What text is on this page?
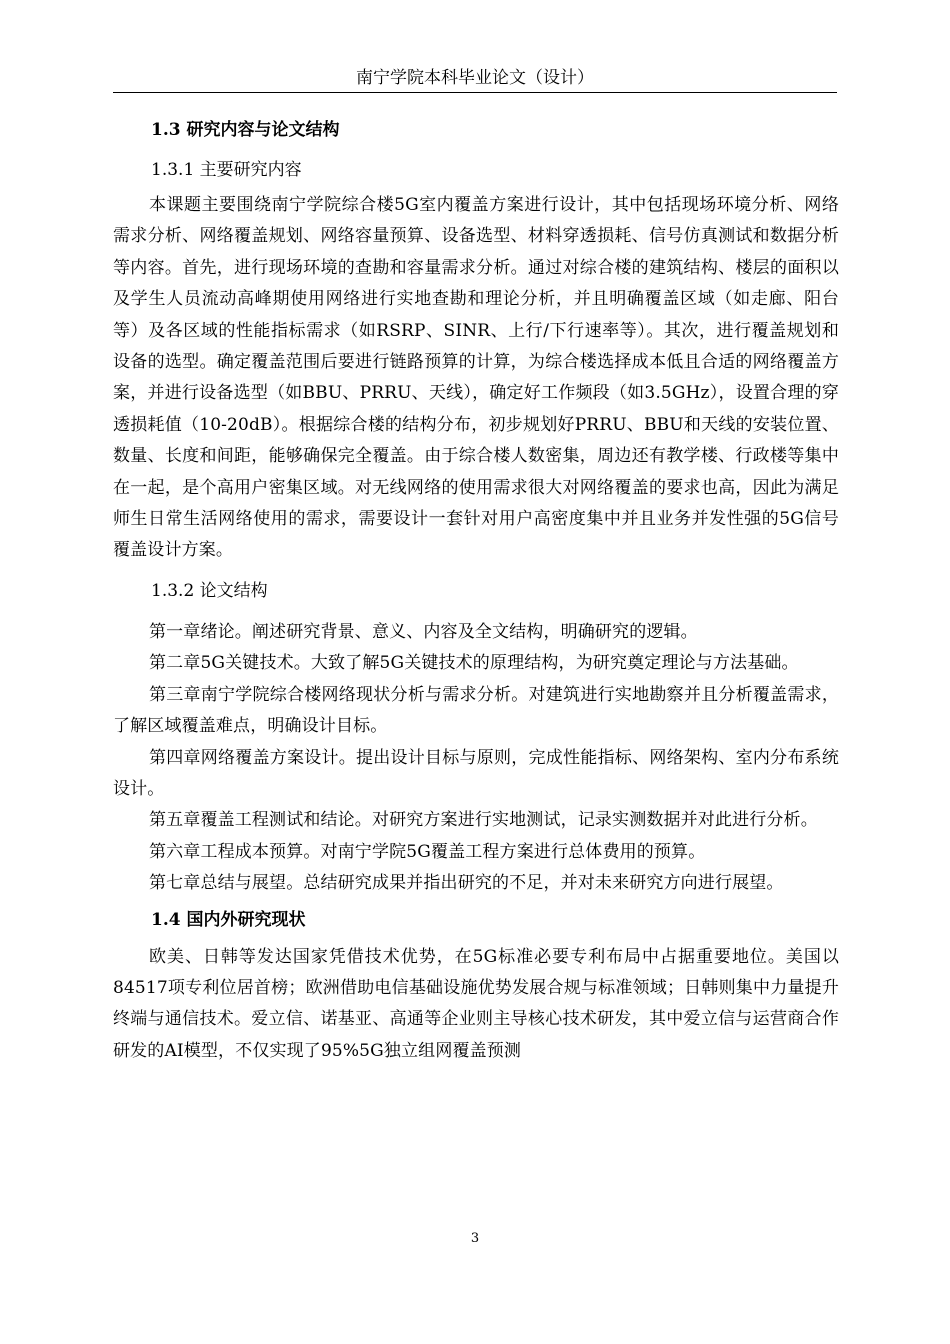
南宁学院本科毕业论文（设计）
1.3 研究内容与论文结构
1.3.1 主要研究内容

本课题主要围绕南宁学院综合楼5G室内覆盖方案进行设计，其中包括现场环境分析、网络需求分析、网络覆盖规划、网络容量预算、设备选型、材料穿透损耗、信号仿真测试和数据分析等内容。首先，进行现场环境的查勘和容量需求分析。通过对综合楼的建筑结构、楼层的面积以及学生人员流动高峰期使用网络进行实地查勘和理论分析，并且明确覆盖区域（如走廊、阳台等）及各区域的性能指标需求（如RSRP、SINR、上行/下行速率等）。其次，进行覆盖规划和设备的选型。确定覆盖范围后要进行链路预算的计算，为综合楼选择成本低且合适的网络覆盖方案，并进行设备选型（如BBU、PRRU、天线），确定好工作频段（如3.5GHz），设置合理的穿透损耗值（10-20dB）。根据综合楼的结构分布，初步规划好PRRU、BBU和天线的安装位置、数量、长度和间距，能够确保完全覆盖。由于综合楼人数密集，周边还有教学楼、行政楼等集中在一起，是个高用户密集区域。对无线网络的使用需求很大对网络覆盖的要求也高，因此为满足师生日常生活网络使用的需求，需要设计一套针对用户高密度集中并且业务并发性强的5G信号覆盖设计方案。

1.3.2 论文结构

第一章绪论。阐述研究背景、意义、内容及全文结构，明确研究的逻辑。

第二章5G关键技术。大致了解5G关键技术的原理结构，为研究奠定理论与方法基础。

第三章南宁学院综合楼网络现状分析与需求分析。对建筑进行实地勘察并且分析覆盖需求，了解区域覆盖难点，明确设计目标。

第四章网络覆盖方案设计。提出设计目标与原则，完成性能指标、网络架构、室内分布系统设计。

第五章覆盖工程测试和结论。对研究方案进行实地测试，记录实测数据并对此进行分析。

第六章工程成本预算。对南宁学院5G覆盖工程方案进行总体费用的预算。

第七章总结与展望。总结研究成果并指出研究的不足，并对未来研究方向进行展望。

1.4 国内外研究现状

欧美、日韩等发达国家凭借技术优势，在5G标准必要专利布局中占据重要地位。美国以84517项专利位居首榜；欧洲借助电信基础设施优势发展合规与标准领域；日韩则集中力量提升终端与通信技术。爱立信、诺基亚、高通等企业则主导核心技术研发，其中爱立信与运营商合作研发的AI模型，不仅实现了95%5G独立组网覆盖预测

3
